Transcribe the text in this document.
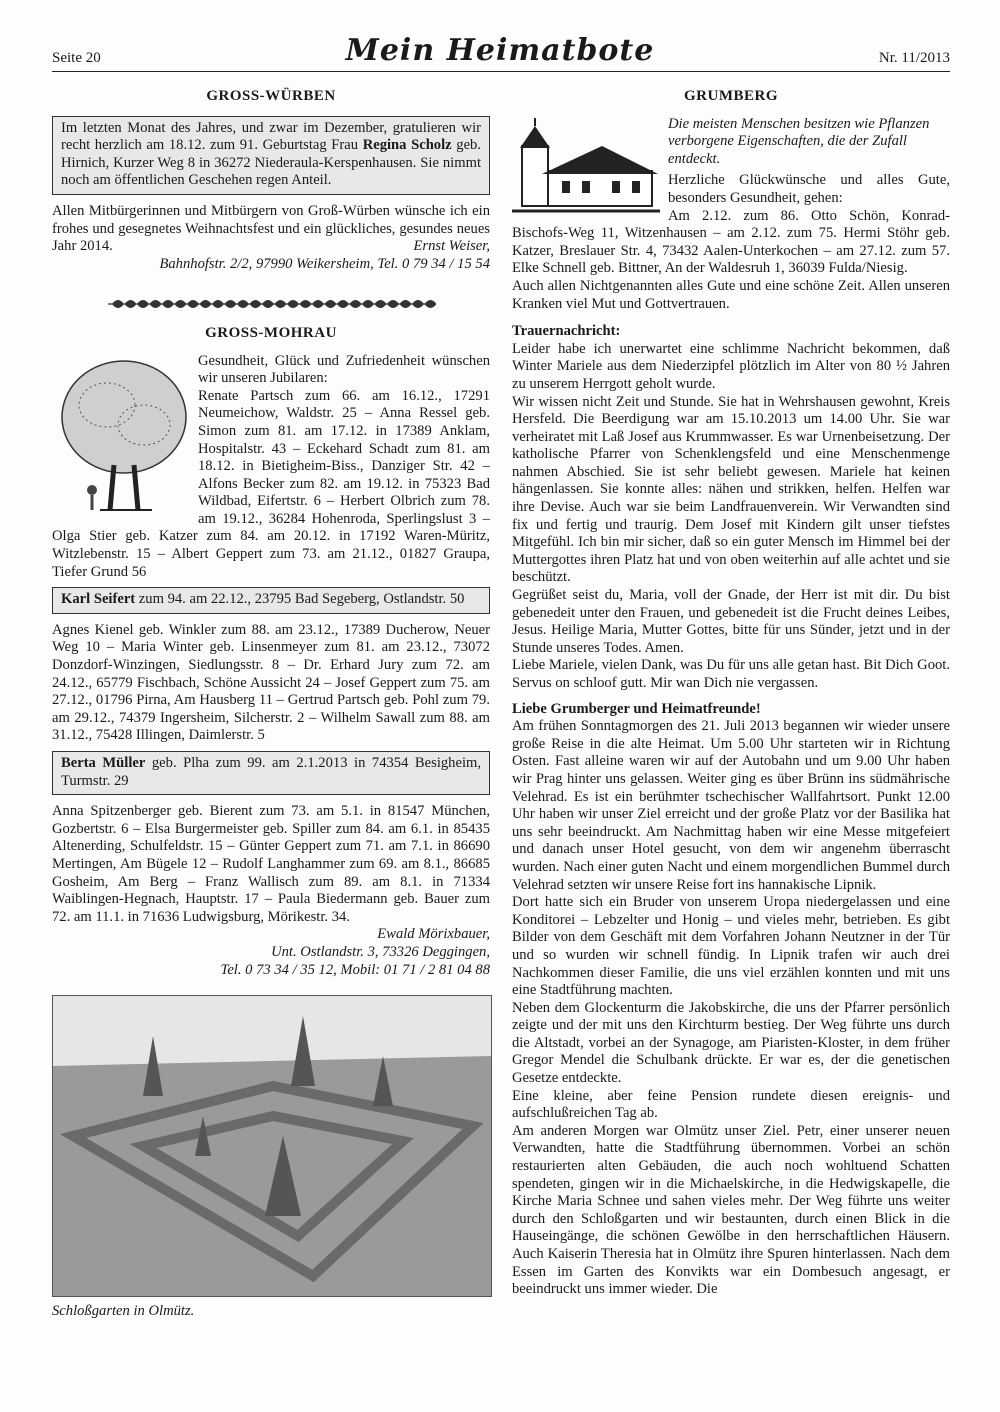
Seite 20	Mein Heimatbote	Nr. 11/2013
GROSS-WÜRBEN
Im letzten Monat des Jahres, und zwar im Dezember, gratulieren wir recht herzlich am 18.12. zum 91. Geburtstag Frau Regina Scholz geb. Hirnich, Kurzer Weg 8 in 36272 Niederaula-Kerspenhausen. Sie nimmt noch am öffentlichen Geschehen regen Anteil.

Allen Mitbürgerinnen und Mitbürgern von Groß-Würben wünsche ich ein frohes und gesegnetes Weihnachtsfest und ein glückliches, gesundes neues Jahr 2014.	Ernst Weiser,

Bahnhofstr. 2/2, 97990 Weikersheim, Tel. 0 79 34 / 15 54

GROSS-MOHRAU

Gesundheit, Glück und Zufriedenheit wünschen wir unseren Jubilaren:

Renate Partsch zum 66. am 16.12., 17291 Neumeichow, Waldstr. 25 – Anna Ressel geb. Simon zum 81. am 17.12. in 17389 Anklam, Hospitalstr. 43 – Eckehard Schadt zum 81. am 18.12. in Bietigheim-Biss., Danziger Str. 42 – Alfons Becker zum 82. am 19.12. in 75323 Bad Wildbad, Eifertstr. 6 – Herbert Olbrich zum 78. am 19.12., 36284 Hohenroda, Sperlingslust 3 – Olga Stier geb. Katzer zum 84. am 20.12. in 17192 Waren-Müritz, Witzlebenstr. 15 – Albert Geppert zum 73. am 21.12., 01827 Graupa, Tiefer Grund 56

Karl Seifert zum 94. am 22.12., 23795 Bad Segeberg, Ostlandstr. 50

Agnes Kienel geb. Winkler zum 88. am 23.12., 17389 Ducherow, Neuer Weg 10 – Maria Winter geb. Linsenmeyer zum 81. am 23.12., 73072 Donzdorf-Winzingen, Siedlungsstr. 8 – Dr. Erhard Jury zum 72. am 24.12., 65779 Fischbach, Schöne Aussicht 24 – Josef Geppert zum 75. am 27.12., 01796 Pirna, Am Hausberg 11 – Gertrud Partsch geb. Pohl zum 79. am 29.12., 74379 Ingersheim, Silcherstr. 2 – Wilhelm Sawall zum 88. am 31.12., 75428 Illingen, Daimlerstr. 5

Berta Müller geb. Plha zum 99. am 2.1.2013 in 74354 Besigheim, Turmstr. 29

Anna Spitzenberger geb. Bierent zum 73. am 5.1. in 81547 München, Gozbertstr. 6 – Elsa Burgermeister geb. Spiller zum 84. am 6.1. in 85435 Altenerding, Schulfeldstr. 15 – Günter Geppert zum 71. am 7.1. in 86690 Mertingen, Am Bügele 12 – Rudolf Langhammer zum 69. am 8.1., 86685 Gosheim, Am Berg – Franz Wallisch zum 89. am 8.1. in 71334 Waiblingen-Hegnach, Hauptstr. 17 – Paula Biedermann geb. Bauer zum 72. am 11.1. in 71636 Ludwigsburg, Mörikestr. 34.

Ewald Mörixbauer,

Unt. Ostlandstr. 3, 73326 Deggingen,

Tel. 0 73 34 / 35 12, Mobil: 01 71 / 2 81 04 88

Schloßgarten in Olmütz.

GRUMBERG

Die meisten Menschen besitzen wie Pflanzen verborgene Eigenschaften, die der Zufall entdeckt.

Herzliche Glückwünsche und alles Gute, besonders Gesundheit, gehen:

Am 2.12. zum 86. Otto Schön, Konrad-Bischofs-Weg 11, Witzenhausen – am 2.12. zum 75. Hermi Stöhr geb. Katzer, Breslauer Str. 4, 73432 Aalen-Unterkochen – am 27.12. zum 57. Elke Schnell geb. Bittner, An der Waldesruh 1, 36039 Fulda/Niesig.

Auch allen Nichtgenannten alles Gute und eine schöne Zeit. Allen unseren Kranken viel Mut und Gottvertrauen.

Trauernachricht:

Leider habe ich unerwartet eine schlimme Nachricht bekommen, daß Winter Mariele aus dem Niederzipfel plötzlich im Alter von 80 ½ Jahren zu unserem Herrgott geholt wurde.

Wir wissen nicht Zeit und Stunde. Sie hat in Wehrshausen gewohnt, Kreis Hersfeld. Die Beerdigung war am 15.10.2013 um 14.00 Uhr. Sie war verheiratet mit Laß Josef aus Krummwasser. Es war Urnenbeisetzung. Der katholische Pfarrer von Schenklengsfeld und eine Menschenmenge nahmen Abschied. Sie ist sehr beliebt gewesen. Mariele hat keinen hängenlassen. Sie konnte alles: nähen und strikken, helfen. Helfen war ihre Devise. Auch war sie beim Landfrauenverein. Wir Verwandten sind fix und fertig und traurig. Dem Josef mit Kindern gilt unser tiefstes Mitgefühl. Ich bin mir sicher, daß so ein guter Mensch im Himmel bei der Muttergottes ihren Platz hat und von oben weiterhin auf alle achtet und sie beschützt.

Gegrüßet seist du, Maria, voll der Gnade, der Herr ist mit dir. Du bist gebenedeit unter den Frauen, und gebenedeit ist die Frucht deines Leibes, Jesus. Heilige Maria, Mutter Gottes, bitte für uns Sünder, jetzt und in der Stunde unseres Todes. Amen.

Liebe Mariele, vielen Dank, was Du für uns alle getan hast. Bit Dich Goot. Servus on schloof gutt. Mir wan Dich nie vergassen.

Liebe Grumberger und Heimatfreunde!

Am frühen Sonntagmorgen des 21. Juli 2013 begannen wir wieder unsere große Reise in die alte Heimat. Um 5.00 Uhr starteten wir in Richtung Osten. Fast alleine waren wir auf der Autobahn und um 9.00 Uhr haben wir Prag hinter uns gelassen. Weiter ging es über Brünn ins südmährische Velehrad. Es ist ein berühmter tschechischer Wallfahrtsort. Punkt 12.00 Uhr haben wir unser Ziel erreicht und der große Platz vor der Basilika hat uns sehr beeindruckt. Am Nachmittag haben wir eine Messe mitgefeiert und danach unser Hotel gesucht, von dem wir angenehm überrascht wurden. Nach einer guten Nacht und einem morgendlichen Bummel durch Velehrad setzten wir unsere Reise fort ins hannakische Lipnik.

Dort hatte sich ein Bruder von unserem Uropa niedergelassen und eine Konditorei – Lebzelter und Honig – und vieles mehr, betrieben. Es gibt Bilder von dem Geschäft mit dem Vorfahren Johann Neutzner in der Tür und so wurden wir schnell fündig. In Lipnik trafen wir auch drei Nachkommen dieser Familie, die uns viel erzählen konnten und mit uns eine Stadtführung machten.

Neben dem Glockenturm die Jakobskirche, die uns der Pfarrer persönlich zeigte und der mit uns den Kirchturm bestieg. Der Weg führte uns durch die Altstadt, vorbei an der Synagoge, am Piaristen-Kloster, in dem früher Gregor Mendel die Schulbank drückte. Er war es, der die genetischen Gesetze entdeckte.

Eine kleine, aber feine Pension rundete diesen ereignis- und aufschlußreichen Tag ab.

Am anderen Morgen war Olmütz unser Ziel. Petr, einer unserer neuen Verwandten, hatte die Stadtführung übernommen. Vorbei an schön restaurierten alten Gebäuden, die auch noch wohltuend Schatten spendeten, gingen wir in die Michaelskirche, in die Hedwigskapelle, die Kirche Maria Schnee und sahen vieles mehr. Der Weg führte uns weiter durch den Schloßgarten und wir bestaunten, durch einen Blick in die Hauseingänge, die schönen Gewölbe in den herrschaftlichen Häusern. Auch Kaiserin Theresia hat in Olmütz ihre Spuren hinterlassen. Nach dem Essen im Garten des Konvikts war ein Dombesuch angesagt, er beeindruckt uns immer wieder. Die
